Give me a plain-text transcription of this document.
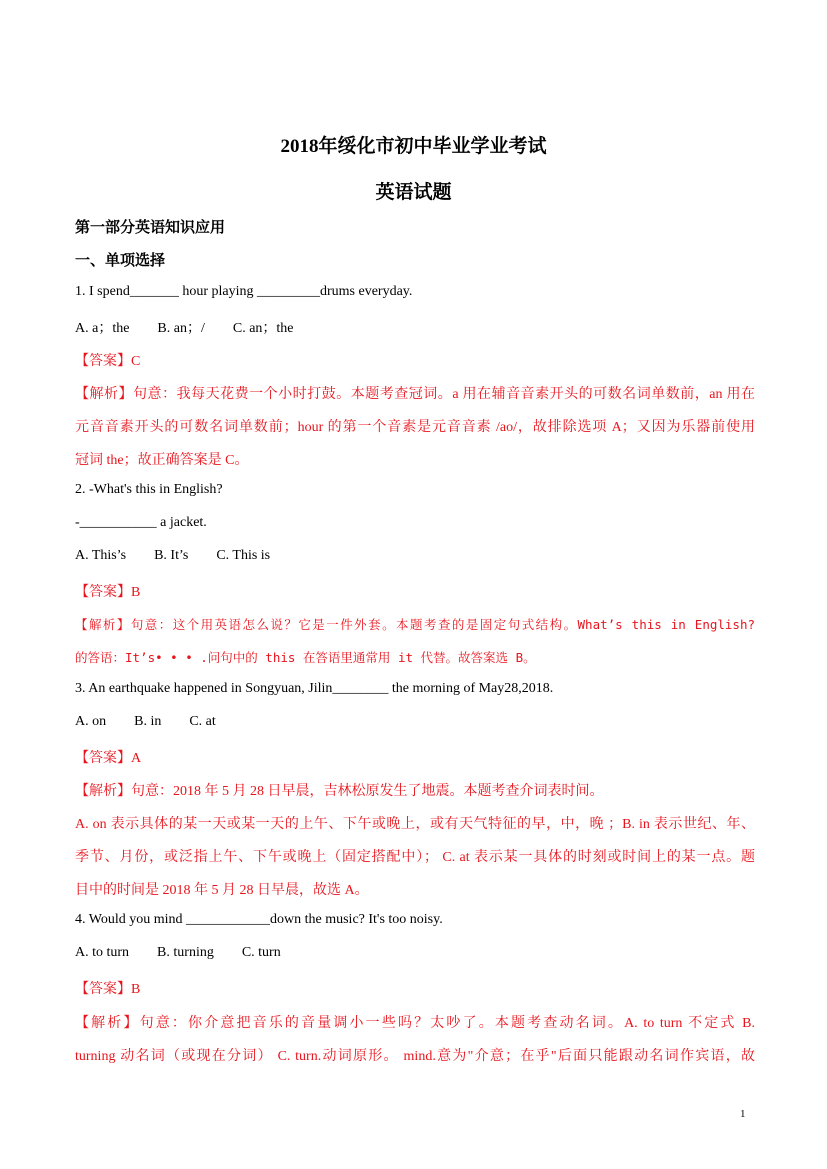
2018年绥化市初中毕业学业考试
英语试题
第一部分英语知识应用
一、单项选择
1. I spend_______ hour playing _________drums everyday.
A. a；the        B. an；/        C. an；the
【答案】C
【解析】句意：我每天花费一个小时打鼓。本题考查冠词。a 用在辅音音素开头的可数名词单数前，an 用在
元音音素开头的可数名词单数前；hour 的第一个音素是元音音素 /ao/，故排除选项 A；又因为乐器前使用
冠词 the；故正确答案是 C。
2. -What's this in English?
-___________ a jacket.
A. This’s        B. It’s        C. This is
【答案】B
【解析】句意：这个用英语怎么说？它是一件外套。本题考查的是固定句式结构。What’s this in English?
的答语：It’s• • • .问句中的 this 在答语里通常用 it 代替。故答案选 B。
3. An earthquake happened in Songyuan, Jilin________ the morning of May28,2018.
A. on        B. in        C. at
【答案】A
【解析】句意：2018 年 5 月 28 日早晨，吉林松原发生了地震。本题考查介词表时间。
A. on 表示具体的某一天或某一天的上午、下午或晚上，或有天气特征的早，中，晚 ；B. in 表示世纪、年、
季节、月份，或泛指上午、下午或晚上（固定搭配中）； C. at 表示某一具体的时刻或时间上的某一点。题
目中的时间是 2018 年 5 月 28 日早晨，故选 A。
4. Would you mind ____________down the music? It's too noisy.
A. to turn        B. turning        C. turn
【答案】B
【解析】句意：你介意把音乐的音量调小一些吗？太吵了。本题考查动名词。A. to turn 不定式 B.
turning 动名词（或现在分词） C. turn.动词原形。 mind.意为"介意；在乎"后面只能跟动名词作宾语，故
1
